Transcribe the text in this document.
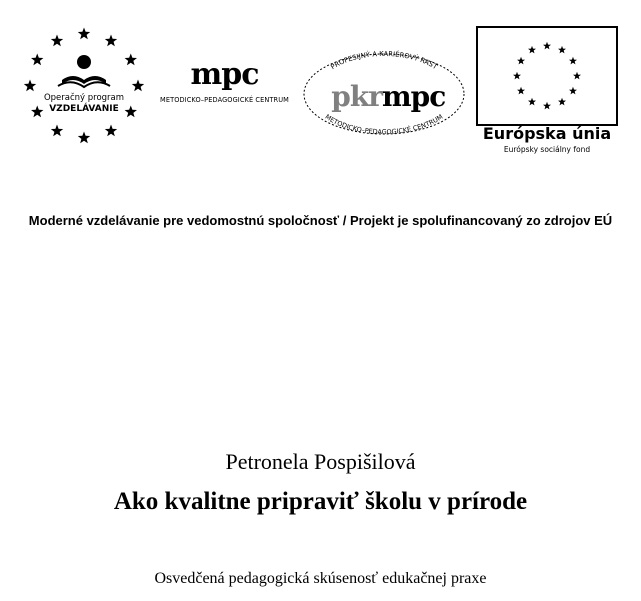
Operačný program
VZDELÁVANIE
mpc
METODICKO–PEDAGOGICKÉ CENTRUM
PROFESIJNÝ A KARIÉROVÝ RAST
pkr mpc
METODICKO–PEDAGOGICKÉ CENTRUM
Európska únia
Európsky sociálny fond
Moderné vzdelávanie pre vedomostnú spoločnosť / Projekt je spolufinancovaný zo zdrojov EÚ
Petronela Pospišilová
Ako kvalitne pripraviť školu v prírode
Osvedčená pedagogická skúsenosť edukačnej praxe
